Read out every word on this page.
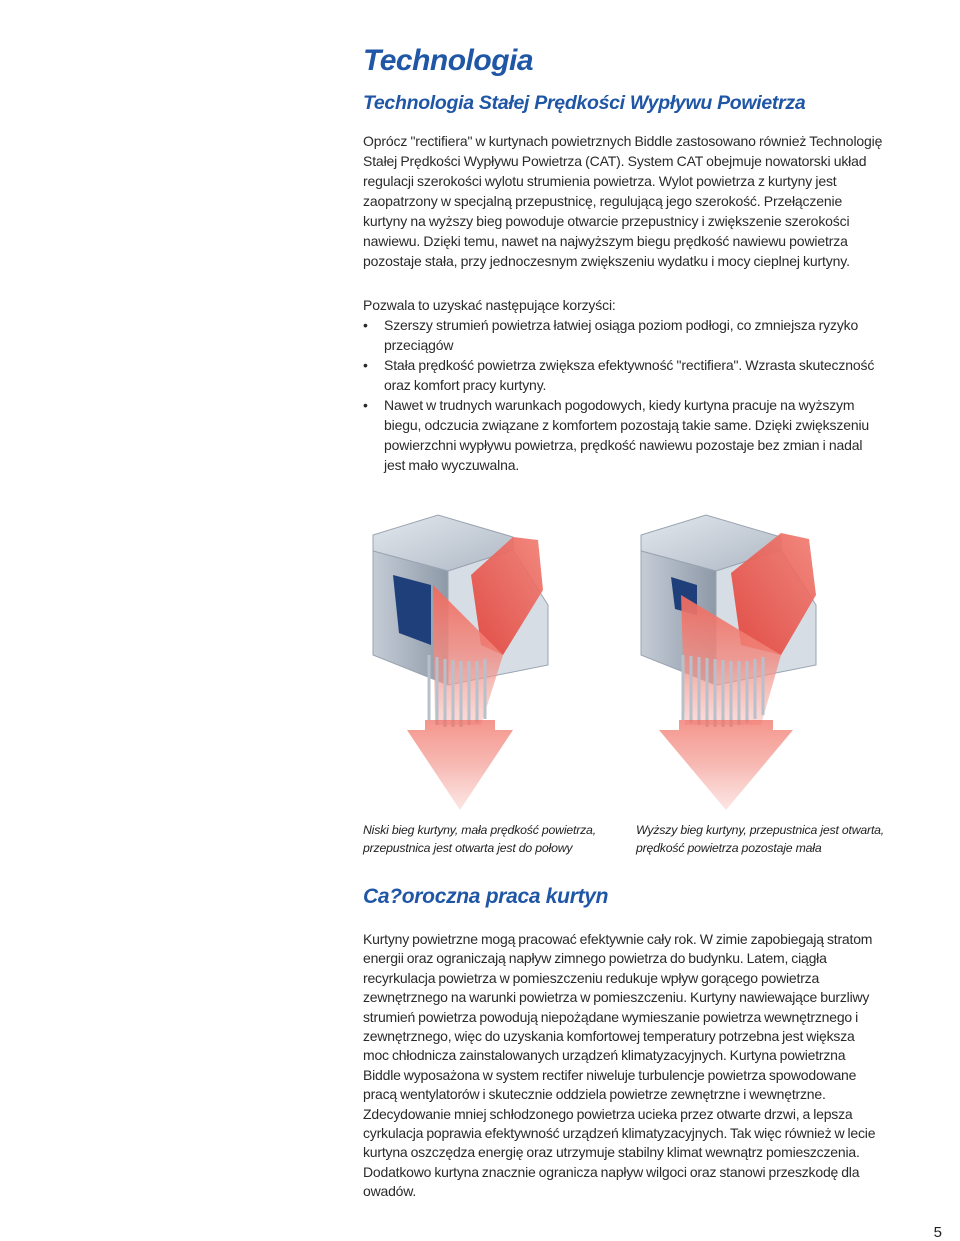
Technologia
Technologia Stałej Prędkości Wypływu Powietrza

Oprócz "rectifiera" w kurtynach powietrznych Biddle zastosowano również Technologię Stałej Prędkości Wypływu Powietrza (CAT). System CAT obejmuje nowatorski układ regulacji szerokości wylotu strumienia powietrza. Wylot powietrza z kurtyny jest zaopatrzony w specjalną przepustnicę, regulującą jego szerokość. Przełączenie kurtyny na wyższy bieg powoduje otwarcie przepustnicy i zwiększenie szerokości nawiewu. Dzięki temu, nawet na najwyższym biegu prędkość nawiewu powietrza pozostaje stała, przy jednoczesnym zwiększeniu wydatku i mocy cieplnej kurtyny.

Pozwala to uzyskać następujące korzyści:

• Szerszy strumień powietrza łatwiej osiąga poziom podłogi, co zmniejsza ryzyko przeciągów
• Stała prędkość powietrza zwiększa efektywność "rectifiera". Wzrasta skuteczność oraz komfort pracy kurtyny.
• Nawet w trudnych warunkach pogodowych, kiedy kurtyna pracuje na wyższym biegu, odczucia związane z komfortem pozostają takie same. Dzięki zwiększeniu powierzchni wypływu powietrza, prędkość nawiewu pozostaje bez zmian i nadal jest mało wyczuwalna.
Niski bieg kurtyny, mała prędkość powietrza, przepustnica jest otwarta jest do połowy
Wyższy bieg kurtyny, przepustnica jest otwarta, prędkość powietrza pozostaje mała
Ca?oroczna praca kurtyn

Kurtyny powietrzne mogą pracować efektywnie cały rok. W zimie zapobiegają stratom energii oraz ograniczają napływ zimnego powietrza do budynku. Latem, ciągła recyrkulacja powietrza w pomieszczeniu redukuje wpływ gorącego powietrza zewnętrznego na warunki powietrza w pomieszczeniu. Kurtyny nawiewające burzliwy strumień powietrza powodują niepożądane wymieszanie powietrza wewnętrznego i zewnętrznego, więc do uzyskania komfortowej temperatury potrzebna jest większa moc chłodnicza zainstalowanych urządzeń klimatyzacyjnych. Kurtyna powietrzna Biddle wyposażona w system rectifer niweluje turbulencje powietrza spowodowane pracą wentylatorów i skutecznie oddziela powietrze zewnętrzne i wewnętrzne. Zdecydowanie mniej schłodzonego powietrza ucieka przez otwarte drzwi, a lepsza cyrkulacja poprawia efektywność urządzeń klimatyzacyjnych. Tak więc również w lecie kurtyna oszczędza energię oraz utrzymuje stabilny klimat wewnątrz pomieszczenia. Dodatkowo kurtyna znacznie ogranicza napływ wilgoci oraz stanowi przeszkodę dla owadów.

5
